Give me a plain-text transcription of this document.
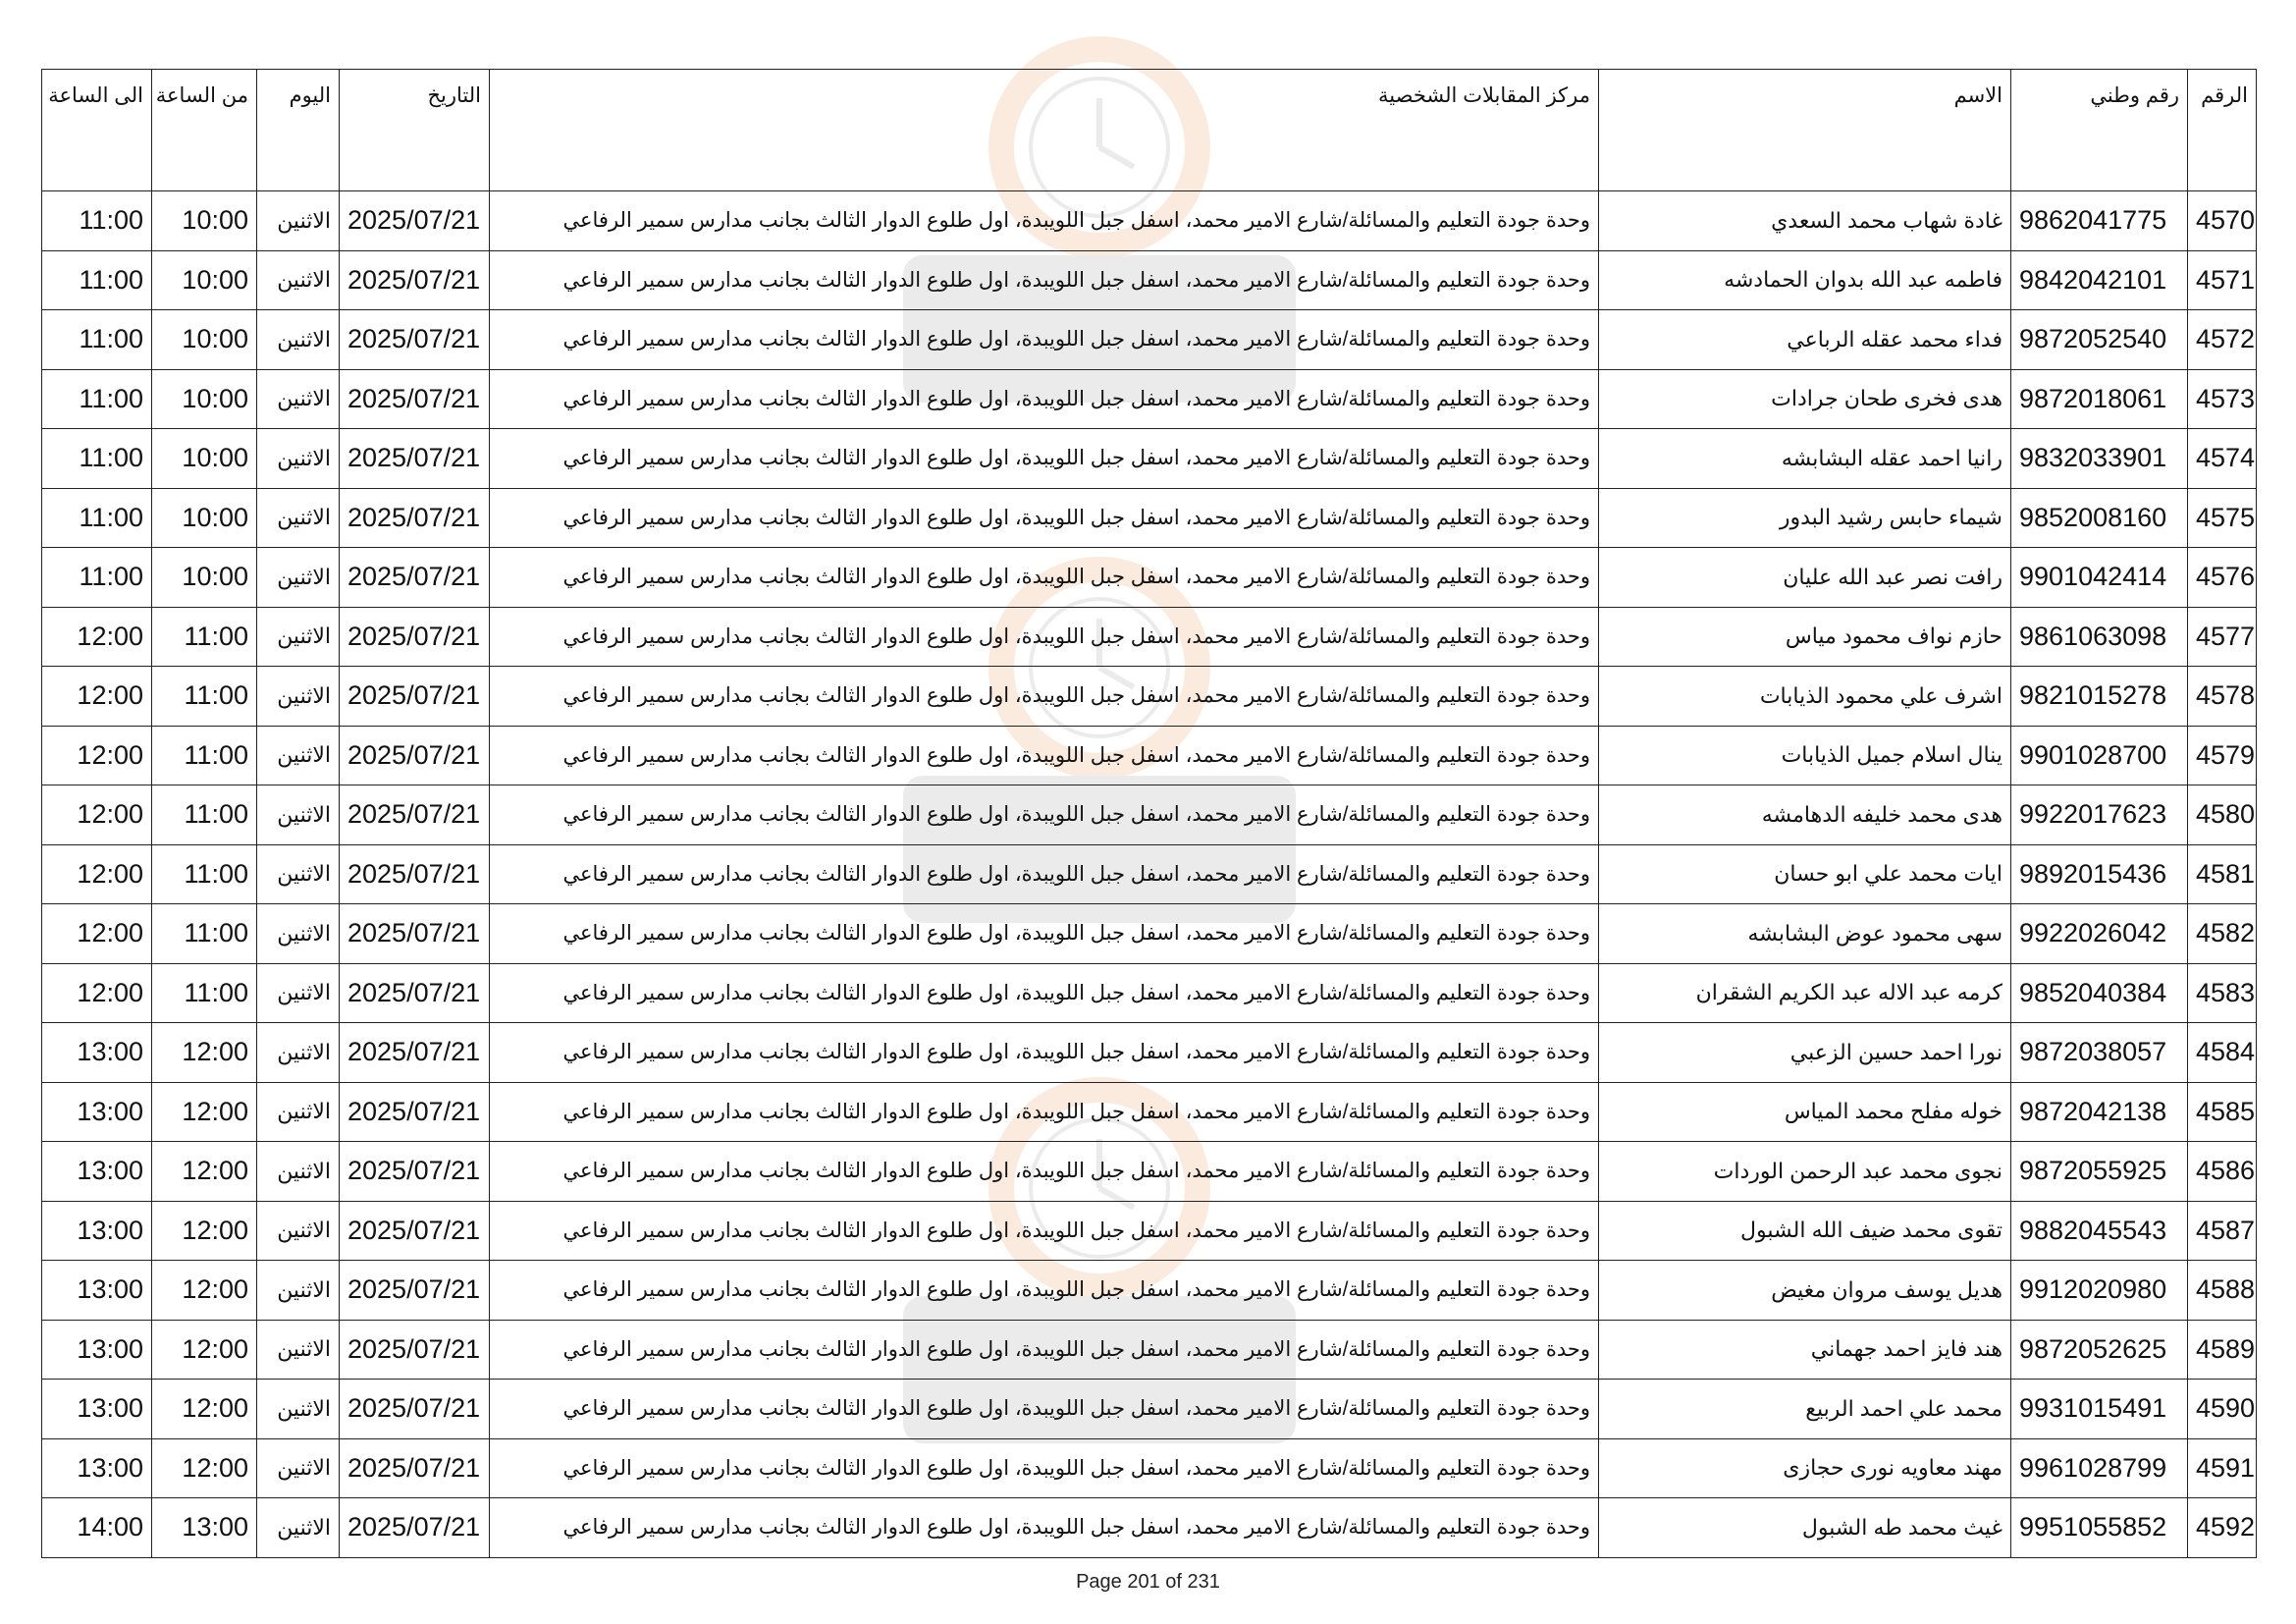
الرقم	رقم وطني	الاسم	مركز المقابلات الشخصية	التاريخ	اليوم	من الساعة	الى الساعة
4570	9862041775	غادة شهاب محمد السعدي	وحدة جودة التعليم والمسائلة/شارع الامير محمد، اسفل جبل اللويبدة، اول طلوع الدوار الثالث بجانب مدارس سمير الرفاعي	2025/07/21	الاثنين	10:00	11:00
4571	9842042101	فاطمه عبد الله بدوان الحمادشه	وحدة جودة التعليم والمسائلة/شارع الامير محمد، اسفل جبل اللويبدة، اول طلوع الدوار الثالث بجانب مدارس سمير الرفاعي	2025/07/21	الاثنين	10:00	11:00
4572	9872052540	فداء محمد عقله الرباعي	وحدة جودة التعليم والمسائلة/شارع الامير محمد، اسفل جبل اللويبدة، اول طلوع الدوار الثالث بجانب مدارس سمير الرفاعي	2025/07/21	الاثنين	10:00	11:00
4573	9872018061	هدى فخرى طحان جرادات	وحدة جودة التعليم والمسائلة/شارع الامير محمد، اسفل جبل اللويبدة، اول طلوع الدوار الثالث بجانب مدارس سمير الرفاعي	2025/07/21	الاثنين	10:00	11:00
4574	9832033901	رانيا احمد عقله البشابشه	وحدة جودة التعليم والمسائلة/شارع الامير محمد، اسفل جبل اللويبدة، اول طلوع الدوار الثالث بجانب مدارس سمير الرفاعي	2025/07/21	الاثنين	10:00	11:00
4575	9852008160	شيماء حابس رشيد البدور	وحدة جودة التعليم والمسائلة/شارع الامير محمد، اسفل جبل اللويبدة، اول طلوع الدوار الثالث بجانب مدارس سمير الرفاعي	2025/07/21	الاثنين	10:00	11:00
4576	9901042414	رافت نصر عبد الله عليان	وحدة جودة التعليم والمسائلة/شارع الامير محمد، اسفل جبل اللويبدة، اول طلوع الدوار الثالث بجانب مدارس سمير الرفاعي	2025/07/21	الاثنين	10:00	11:00
4577	9861063098	حازم نواف محمود مياس	وحدة جودة التعليم والمسائلة/شارع الامير محمد، اسفل جبل اللويبدة، اول طلوع الدوار الثالث بجانب مدارس سمير الرفاعي	2025/07/21	الاثنين	11:00	12:00
4578	9821015278	اشرف علي محمود الذيابات	وحدة جودة التعليم والمسائلة/شارع الامير محمد، اسفل جبل اللويبدة، اول طلوع الدوار الثالث بجانب مدارس سمير الرفاعي	2025/07/21	الاثنين	11:00	12:00
4579	9901028700	ينال اسلام جميل الذيابات	وحدة جودة التعليم والمسائلة/شارع الامير محمد، اسفل جبل اللويبدة، اول طلوع الدوار الثالث بجانب مدارس سمير الرفاعي	2025/07/21	الاثنين	11:00	12:00
4580	9922017623	هدى محمد خليفه الدهامشه	وحدة جودة التعليم والمسائلة/شارع الامير محمد، اسفل جبل اللويبدة، اول طلوع الدوار الثالث بجانب مدارس سمير الرفاعي	2025/07/21	الاثنين	11:00	12:00
4581	9892015436	ايات محمد علي ابو حسان	وحدة جودة التعليم والمسائلة/شارع الامير محمد، اسفل جبل اللويبدة، اول طلوع الدوار الثالث بجانب مدارس سمير الرفاعي	2025/07/21	الاثنين	11:00	12:00
4582	9922026042	سهى محمود عوض البشابشه	وحدة جودة التعليم والمسائلة/شارع الامير محمد، اسفل جبل اللويبدة، اول طلوع الدوار الثالث بجانب مدارس سمير الرفاعي	2025/07/21	الاثنين	11:00	12:00
4583	9852040384	كرمه عبد الاله عبد الكريم الشقران	وحدة جودة التعليم والمسائلة/شارع الامير محمد، اسفل جبل اللويبدة، اول طلوع الدوار الثالث بجانب مدارس سمير الرفاعي	2025/07/21	الاثنين	11:00	12:00
4584	9872038057	نورا احمد حسين الزعبي	وحدة جودة التعليم والمسائلة/شارع الامير محمد، اسفل جبل اللويبدة، اول طلوع الدوار الثالث بجانب مدارس سمير الرفاعي	2025/07/21	الاثنين	12:00	13:00
4585	9872042138	خوله مفلح محمد المياس	وحدة جودة التعليم والمسائلة/شارع الامير محمد، اسفل جبل اللويبدة، اول طلوع الدوار الثالث بجانب مدارس سمير الرفاعي	2025/07/21	الاثنين	12:00	13:00
4586	9872055925	نجوى محمد عبد الرحمن الوردات	وحدة جودة التعليم والمسائلة/شارع الامير محمد، اسفل جبل اللويبدة، اول طلوع الدوار الثالث بجانب مدارس سمير الرفاعي	2025/07/21	الاثنين	12:00	13:00
4587	9882045543	تقوى محمد ضيف الله الشبول	وحدة جودة التعليم والمسائلة/شارع الامير محمد، اسفل جبل اللويبدة، اول طلوع الدوار الثالث بجانب مدارس سمير الرفاعي	2025/07/21	الاثنين	12:00	13:00
4588	9912020980	هديل يوسف مروان مغيض	وحدة جودة التعليم والمسائلة/شارع الامير محمد، اسفل جبل اللويبدة، اول طلوع الدوار الثالث بجانب مدارس سمير الرفاعي	2025/07/21	الاثنين	12:00	13:00
4589	9872052625	هند فايز احمد جهماني	وحدة جودة التعليم والمسائلة/شارع الامير محمد، اسفل جبل اللويبدة، اول طلوع الدوار الثالث بجانب مدارس سمير الرفاعي	2025/07/21	الاثنين	12:00	13:00
4590	9931015491	محمد علي احمد الربيع	وحدة جودة التعليم والمسائلة/شارع الامير محمد، اسفل جبل اللويبدة، اول طلوع الدوار الثالث بجانب مدارس سمير الرفاعي	2025/07/21	الاثنين	12:00	13:00
4591	9961028799	مهند معاويه نورى حجازى	وحدة جودة التعليم والمسائلة/شارع الامير محمد، اسفل جبل اللويبدة، اول طلوع الدوار الثالث بجانب مدارس سمير الرفاعي	2025/07/21	الاثنين	12:00	13:00
4592	9951055852	غيث محمد طه الشبول	وحدة جودة التعليم والمسائلة/شارع الامير محمد، اسفل جبل اللويبدة، اول طلوع الدوار الثالث بجانب مدارس سمير الرفاعي	2025/07/21	الاثنين	13:00	14:00
Page 201 of 231
